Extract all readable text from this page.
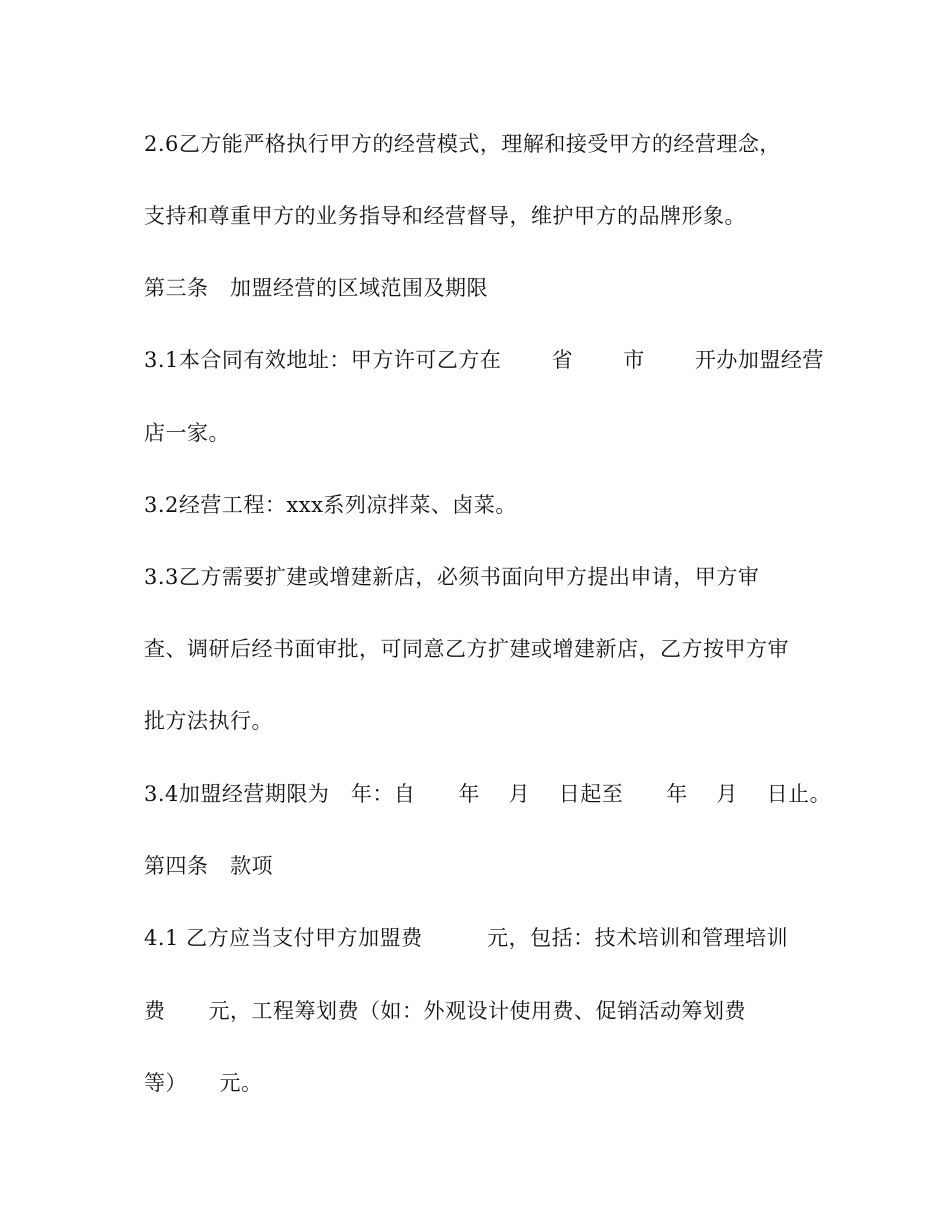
2.6乙方能严格执行甲方的经营模式，理解和接受甲方的经营理念，
支持和尊重甲方的业务指导和经营督导，维护甲方的品牌形象。
第三条　加盟经营的区域范围及期限
3.1本合同有效地址：甲方许可乙方在　　 省　　 市　　 开办加盟经营
店一家。
3.2经营工程：xxx系列凉拌菜、卤菜。
3.3乙方需要扩建或增建新店，必须书面向甲方提出申请，甲方审
查、调研后经书面审批，可同意乙方扩建或增建新店，乙方按甲方审
批方法执行。
3.4加盟经营期限为　年：自　　年　 月　 日起至　　年　 月　 日止。
第四条　款项
4.1 乙方应当支付甲方加盟费　　　元，包括：技术培训和管理培训
费　　元，工程筹划费（如：外观设计使用费、促销活动筹划费
等）　　元。
